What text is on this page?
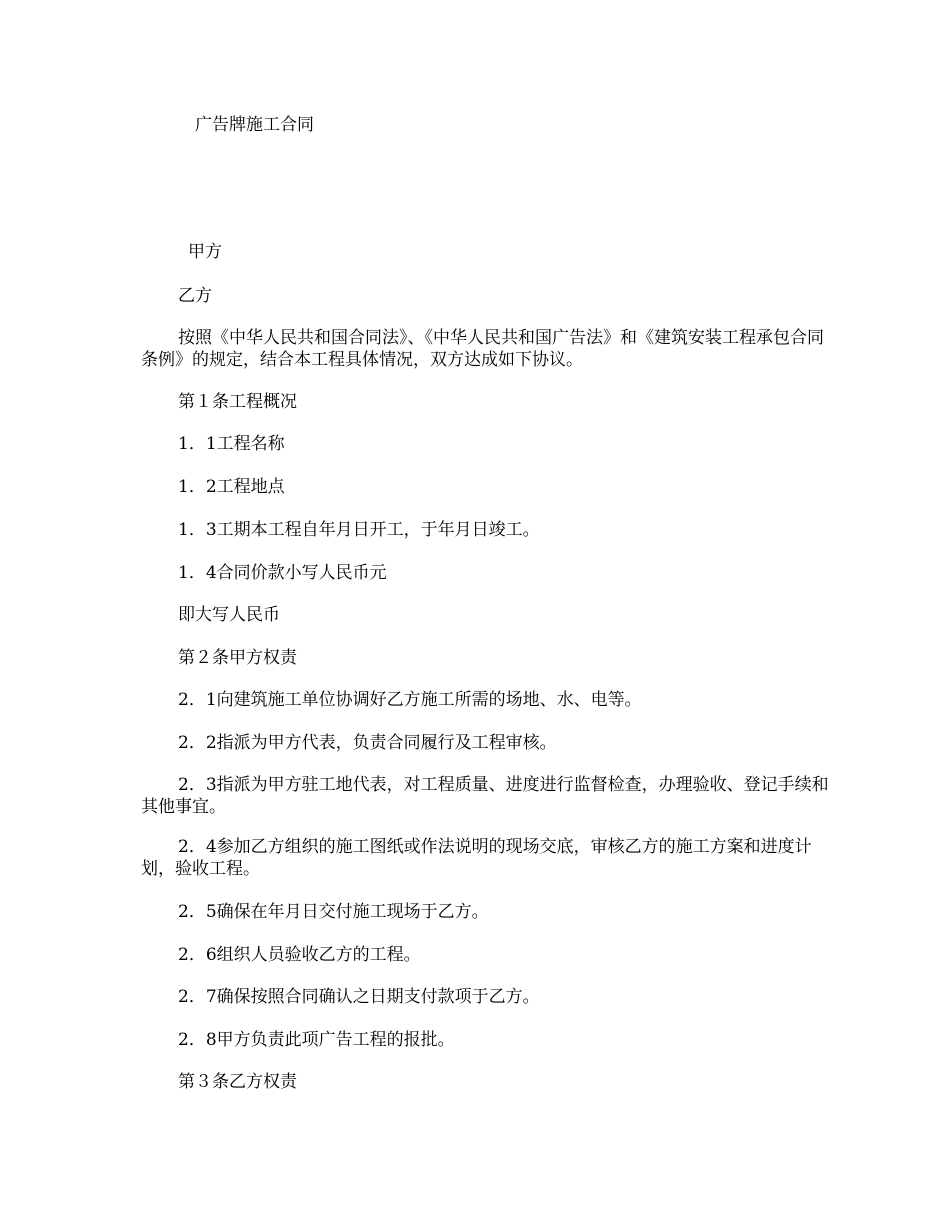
广告牌施工合同
甲方
乙方
按照《中华人民共和国合同法》、《中华人民共和国广告法》和《建筑安装工程承包合同条例》的规定，结合本工程具体情况，双方达成如下协议。
第１条工程概况
1．1工程名称
1．2工程地点
1．3工期本工程自年月日开工，于年月日竣工。
1．4合同价款小写人民币元
即大写人民币
第２条甲方权责
2．1向建筑施工单位协调好乙方施工所需的场地、水、电等。
2．2指派为甲方代表，负责合同履行及工程审核。
2．3指派为甲方驻工地代表，对工程质量、进度进行监督检查，办理验收、登记手续和其他事宜。
2．4参加乙方组织的施工图纸或作法说明的现场交底，审核乙方的施工方案和进度计划，验收工程。
2．5确保在年月日交付施工现场于乙方。
2．6组织人员验收乙方的工程。
2．7确保按照合同确认之日期支付款项于乙方。
2．8甲方负责此项广告工程的报批。
第３条乙方权责
